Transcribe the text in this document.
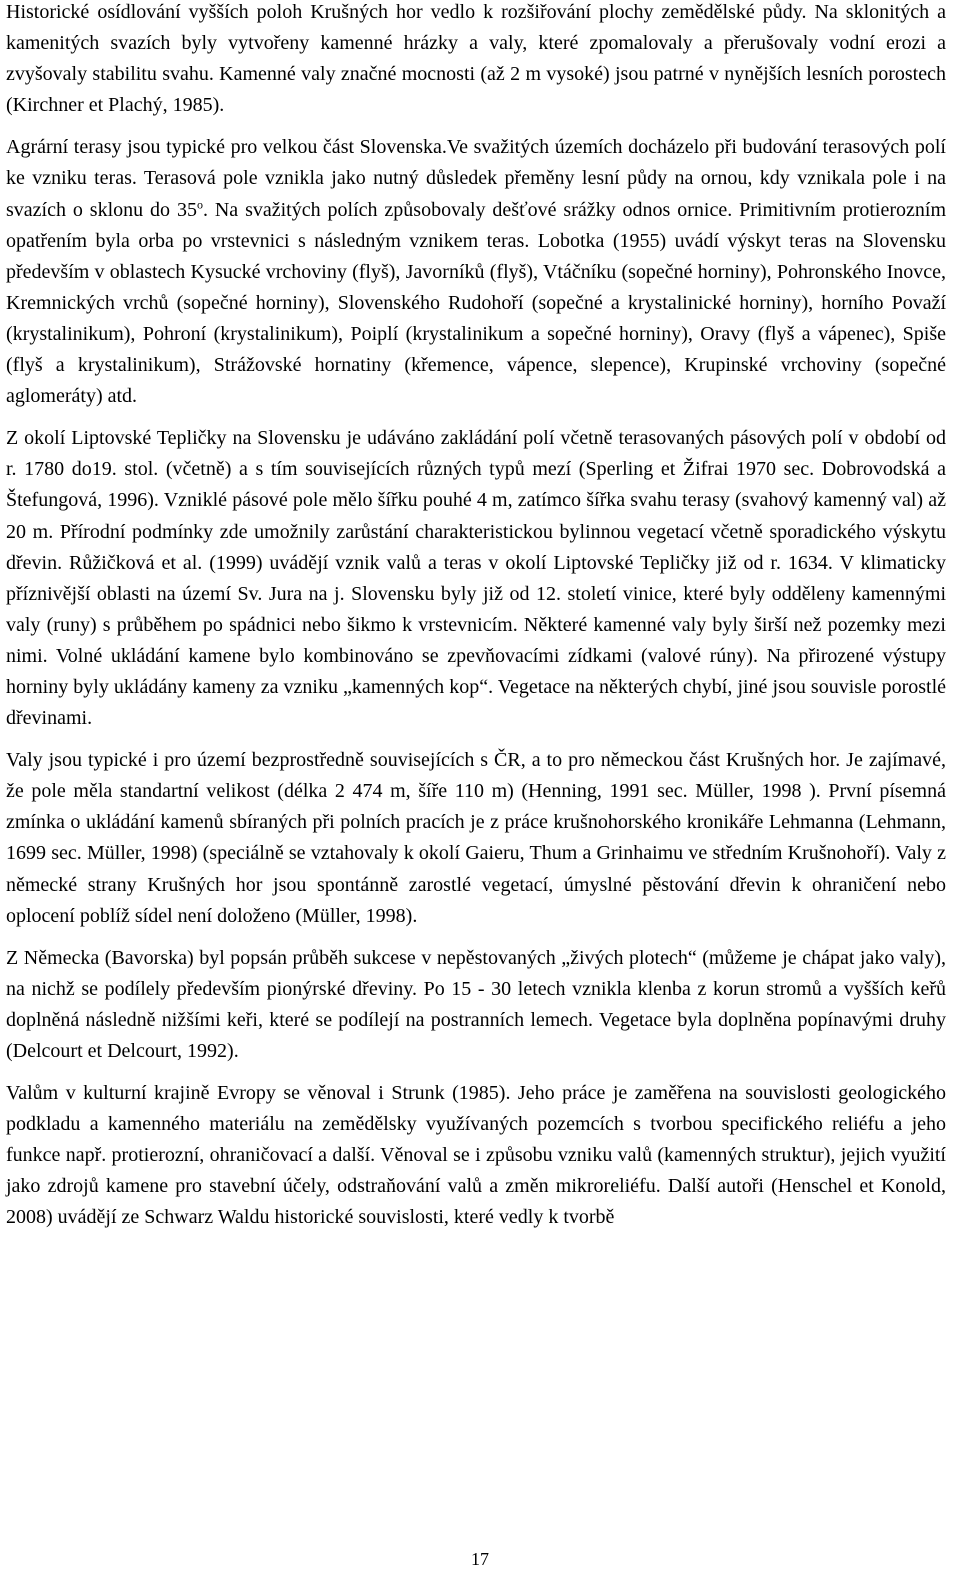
Historické osídlování vyšších poloh Krušných hor vedlo k rozšiřování plochy zemědělské půdy. Na sklonitých a kamenitých svazích byly vytvořeny kamenné hrázky a valy, které zpomalovaly a přerušovaly vodní erozi a zvyšovaly stabilitu svahu. Kamenné valy značné mocnosti (až 2 m vysoké) jsou patrné v nynějších lesních porostech (Kirchner et Plachý, 1985).

Agrární terasy jsou typické pro velkou část Slovenska.Ve svažitých územích docházelo při budování terasových polí ke vzniku teras. Terasová pole vznikla jako nutný důsledek přeměny lesní půdy na ornou, kdy vznikala pole i na svazích o sklonu do 35$^o$. Na svažitých polích způsobovaly dešťové srážky odnos ornice. Primitivním protierozním opatřením byla orba po vrstevnici s následným vznikem teras. Lobotka (1955) uvádí výskyt teras na Slovensku především v oblastech Kysucké vrchoviny (flyš), Javorníků (flyš), Vtáčníku (sopečné horniny), Pohronského Inovce, Kremnických vrchů (sopečné horniny), Slovenského Rudohoří (sopečné a krystalinické horniny), horního Považí (krystalinikum), Pohroní (krystalinikum), Poiplí (krystalinikum a sopečné horniny), Oravy (flyš a vápenec), Spiše (flyš a krystalinikum), Strážovské hornatiny (křemence, vápence, slepence), Krupinské vrchoviny (sopečné aglomeráty) atd.

Z okolí Liptovské Tepličky na Slovensku je udáváno zakládání polí včetně terasovaných pásových polí v období od r. 1780 do19. stol. (včetně) a s tím souvisejících různých typů mezí (Sperling et Žifrai 1970 sec. Dobrovodská a Štefungová, 1996). Vzniklé pásové pole mělo šířku pouhé 4 m, zatímco šířka svahu terasy (svahový kamenný val) až 20 m. Přírodní podmínky zde umožnily zarůstání charakteristickou bylinnou vegetací včetně sporadického výskytu dřevin. Růžičková et al. (1999) uvádějí vznik valů a teras v okolí Liptovské Tepličky již od r. 1634. V klimaticky příznivější oblasti na území Sv. Jura na j. Slovensku byly již od 12. století vinice, které byly odděleny kamennými valy (runy) s průběhem po spádnici nebo šikmo k vrstevnicím. Některé kamenné valy byly širší než pozemky mezi nimi. Volné ukládání kamene bylo kombinováno se zpevňovacími zídkami (valové rúny). Na přirozené výstupy horniny byly ukládány kameny za vzniku „kamenných kop“. Vegetace na některých chybí, jiné jsou souvisle porostlé dřevinami.

Valy jsou typické i pro území bezprostředně souvisejících s ČR, a to pro německou část Krušných hor. Je zajímavé, že pole měla standartní velikost (délka 2 474 m, šíře 110 m) (Henning, 1991 sec. Müller, 1998 ). První písemná zmínka o ukládání kamenů sbíraných při polních pracích je z práce krušnohorského kronikáře Lehmanna (Lehmann, 1699 sec. Müller, 1998) (speciálně se vztahovaly k okolí Gaieru, Thum a Grinhaimu ve středním Krušnohoří). Valy z německé strany Krušných hor jsou spontánně zarostlé vegetací, úmyslné pěstování dřevin k ohraničení nebo oplocení poblíž sídel není doloženo (Müller, 1998).

Z Německa (Bavorska) byl popsán průběh sukcese v nepěstovaných „živých plotech“ (můžeme je chápat jako valy), na nichž se podílely především pionýrské dřeviny. Po 15 - 30 letech vznikla klenba z korun stromů a vyšších keřů doplněná následně nižšími keři, které se podílejí na postranních lemech. Vegetace byla doplněna popínavými druhy (Delcourt et Delcourt, 1992).

Valům v kulturní krajině Evropy se věnoval i Strunk (1985). Jeho práce je zaměřena na souvislosti geologického podkladu a kamenného materiálu na zemědělsky využívaných pozemcích s tvorbou specifického reliéfu a jeho funkce např. protierozní, ohraničovací a další. Věnoval se i způsobu vzniku valů (kamenných struktur), jejich využití jako zdrojů kamene pro stavební účely, odstraňování valů a změn mikroreliéfu. Další autoři (Henschel et Konold, 2008) uvádějí ze Schwarz Waldu historické souvislosti, které vedly k tvorbě

17
